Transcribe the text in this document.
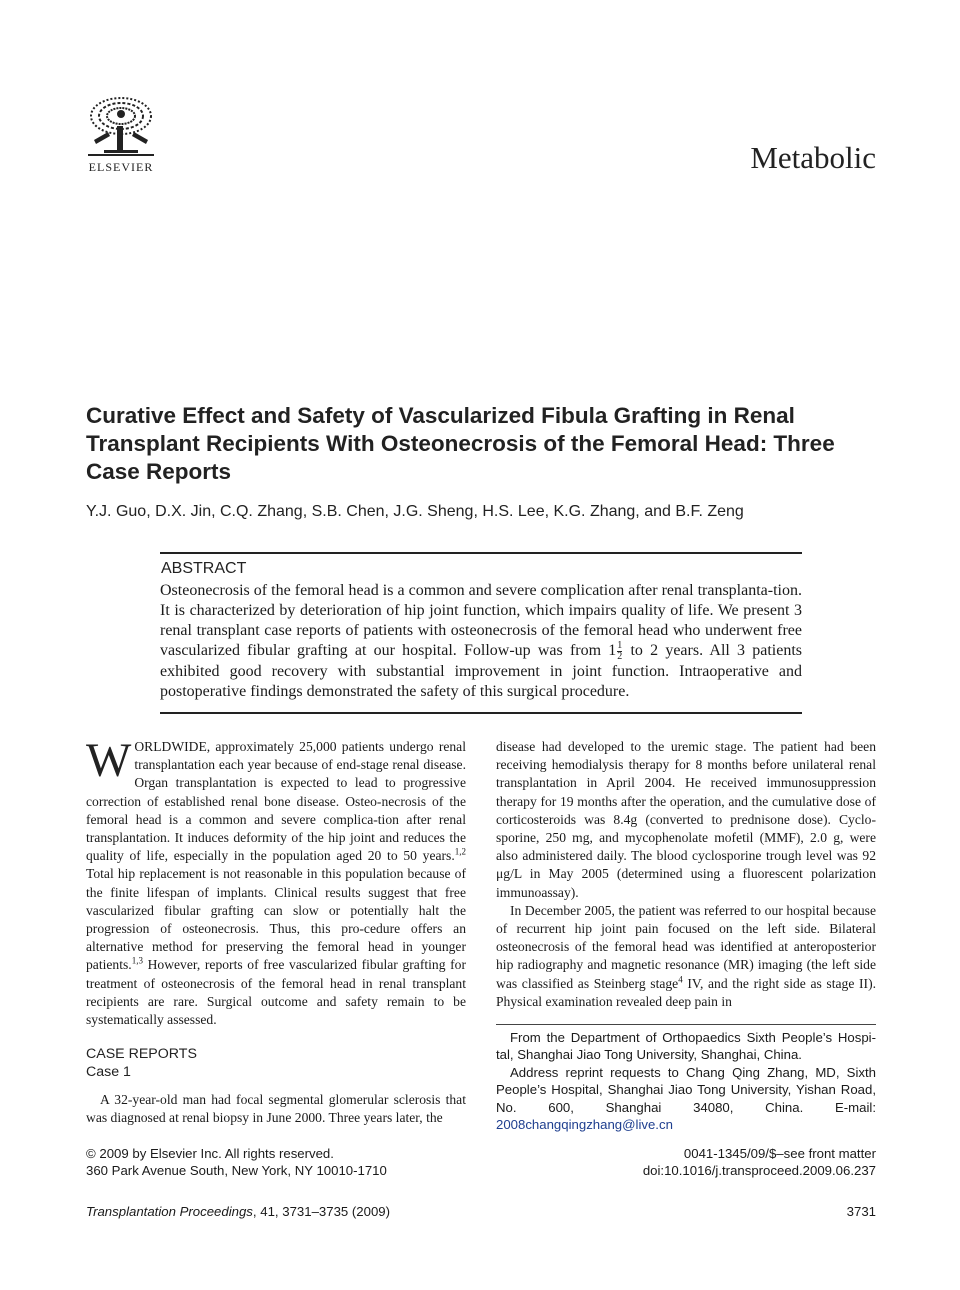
ELSEVIER	Metabolic
Curative Effect and Safety of Vascularized Fibula Grafting in Renal Transplant Recipients With Osteonecrosis of the Femoral Head: Three Case Reports
Y.J. Guo, D.X. Jin, C.Q. Zhang, S.B. Chen, J.G. Sheng, H.S. Lee, K.G. Zhang, and B.F. Zeng
ABSTRACT

Osteonecrosis of the femoral head is a common and severe complication after renal transplanta-tion. It is characterized by deterioration of hip joint function, which impairs quality of life. We present 3 renal transplant case reports of patients with osteonecrosis of the femoral head who underwent free vascularized fibular grafting at our hospital. Follow-up was from $1 \frac{1}{2}$ to 2 years. All 3 patients exhibited good recovery with substantial improvement in joint function. Intraoperative and postoperative findings demonstrated the safety of this surgical procedure.

WORLDWIDE, approximately 25,000 patients undergo renal transplantation each year because of end-stage renal disease. Organ transplantation is expected to lead to progressive correction of established renal bone disease. Osteo-necrosis of the femoral head is a common and severe complica-tion after renal transplantation. It induces deformity of the hip joint and reduces the quality of life, especially in the population aged 20 to 50 years.$^{1,2}$ Total hip replacement is not reasonable in this population because of the finite lifespan of implants. Clinical results suggest that free vascularized fibular grafting can slow or potentially halt the progression of osteonecrosis. Thus, this pro-cedure offers an alternative method for preserving the femoral head in younger patients.$^{1,3}$ However, reports of free vascularized fibular grafting for treatment of osteonecrosis of the femoral head in renal transplant recipients are rare. Surgical outcome and safety remain to be systematically assessed.

CASE REPORTS
Case 1

A 32-year-old man had focal segmental glomerular sclerosis that was diagnosed at renal biopsy in June 2000. Three years later, the

disease had developed to the uremic stage. The patient had been receiving hemodialysis therapy for 8 months before unilateral renal transplantation in April 2004. He received immunosuppression therapy for 19 months after the operation, and the cumulative dose of corticosteroids was 8.4g (converted to prednisone dose). Cyclo-sporine, 250 mg, and mycophenolate mofetil (MMF), 2.0 g, were also administered daily. The blood cyclosporine trough level was 92 μg/L in May 2005 (determined using a fluorescent polarization immunoassay).

In December 2005, the patient was referred to our hospital because of recurrent hip joint pain focused on the left side. Bilateral osteonecrosis of the femoral head was identified at anteroposterior hip radiography and magnetic resonance (MR) imaging (the left side was classified as Steinberg stage$^4$ IV, and the right side as stage II). Physical examination revealed deep pain in

From the Department of Orthopaedics Sixth People’s Hospi-tal, Shanghai Jiao Tong University, Shanghai, China.

Address reprint requests to Chang Qing Zhang, MD, Sixth People’s Hospital, Shanghai Jiao Tong University, Yishan Road, No. 600, Shanghai 34080, China. E-mail: 2008changqingzhang@live.cn

© 2009 by Elsevier Inc. All rights reserved.
360 Park Avenue South, New York, NY 10010-1710
0041-1345/09/$–see front matter
doi:10.1016/j.transproceed.2009.06.237
Transplantation Proceedings, 41, 3731–3735 (2009)	3731
